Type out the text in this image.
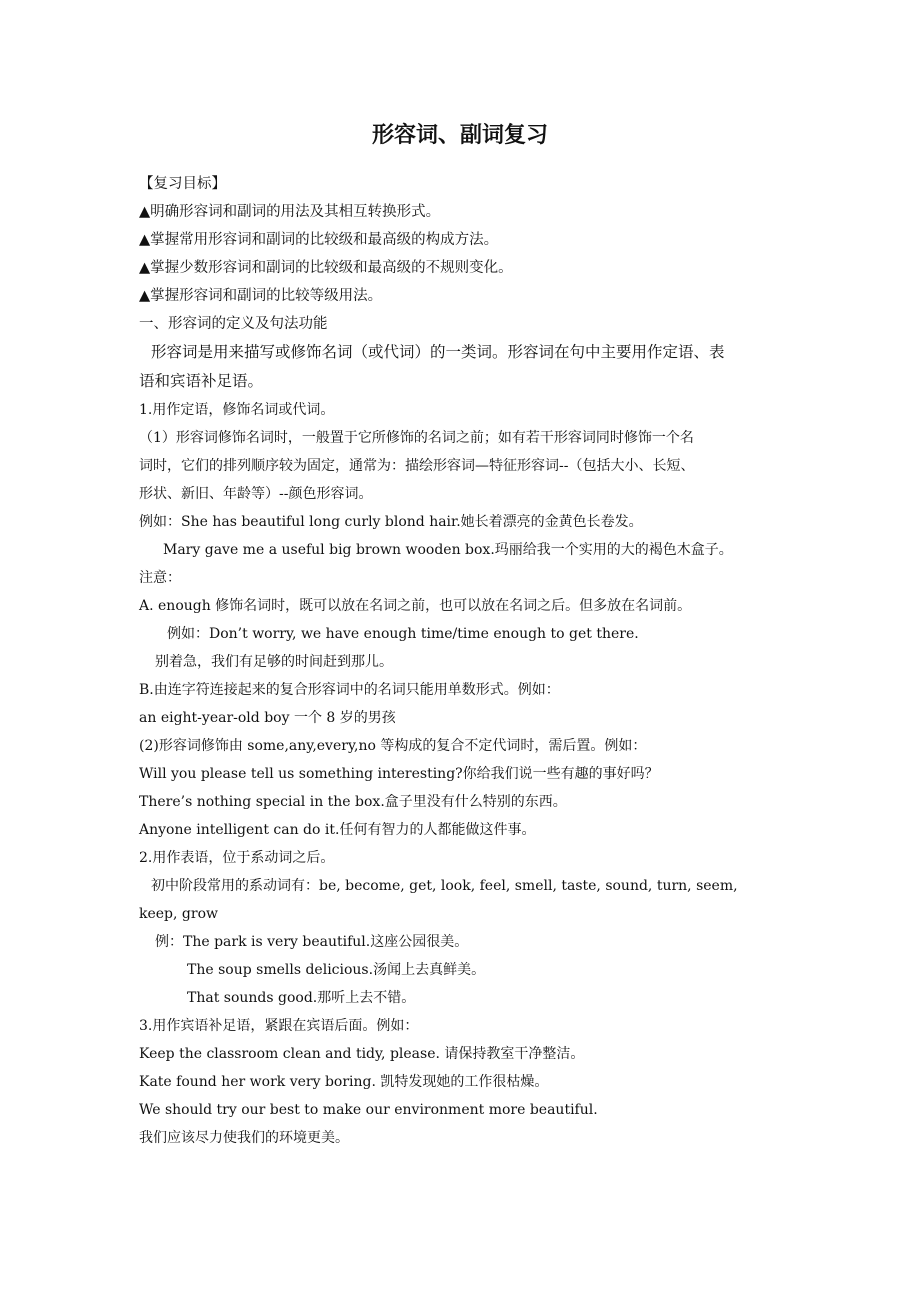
形容词、副词复习
【复习目标】
▲明确形容词和副词的用法及其相互转换形式。
▲掌握常用形容词和副词的比较级和最高级的构成方法。
▲掌握少数形容词和副词的比较级和最高级的不规则变化。
▲掌握形容词和副词的比较等级用法。
一、形容词的定义及句法功能
形容词是用来描写或修饰名词（或代词）的一类词。形容词在句中主要用作定语、表
语和宾语补足语。
1.用作定语，修饰名词或代词。
（1）形容词修饰名词时，一般置于它所修饰的名词之前；如有若干形容词同时修饰一个名
词时，它们的排列顺序较为固定，通常为：描绘形容词—特征形容词--（包括大小、长短、
形状、新旧、年龄等）--颜色形容词。
例如：She has beautiful long curly blond hair.她长着漂亮的金黄色长卷发。
Mary gave me a useful big brown wooden box.玛丽给我一个实用的大的褐色木盒子。
注意：
A. enough 修饰名词时，既可以放在名词之前，也可以放在名词之后。但多放在名词前。
例如：Don’t worry, we have enough time/time enough to get there.
别着急，我们有足够的时间赶到那儿。
B.由连字符连接起来的复合形容词中的名词只能用单数形式。例如：
an eight-year-old boy 一个 8 岁的男孩
(2)形容词修饰由 some,any,every,no 等构成的复合不定代词时，需后置。例如：
Will you please tell us something interesting?你给我们说一些有趣的事好吗？
There’s nothing special in the box.盒子里没有什么特别的东西。
Anyone intelligent can do it.任何有智力的人都能做这件事。
2.用作表语，位于系动词之后。
初中阶段常用的系动词有：be, become, get, look, feel, smell, taste, sound, turn, seem,
keep, grow
例：The park is very beautiful.这座公园很美。
The soup smells delicious.汤闻上去真鲜美。
That sounds good.那听上去不错。
3.用作宾语补足语，紧跟在宾语后面。例如：
Keep the classroom clean and tidy, please. 请保持教室干净整洁。
Kate found her work very boring. 凯特发现她的工作很枯燥。
We should try our best to make our environment more beautiful.
我们应该尽力使我们的环境更美。
